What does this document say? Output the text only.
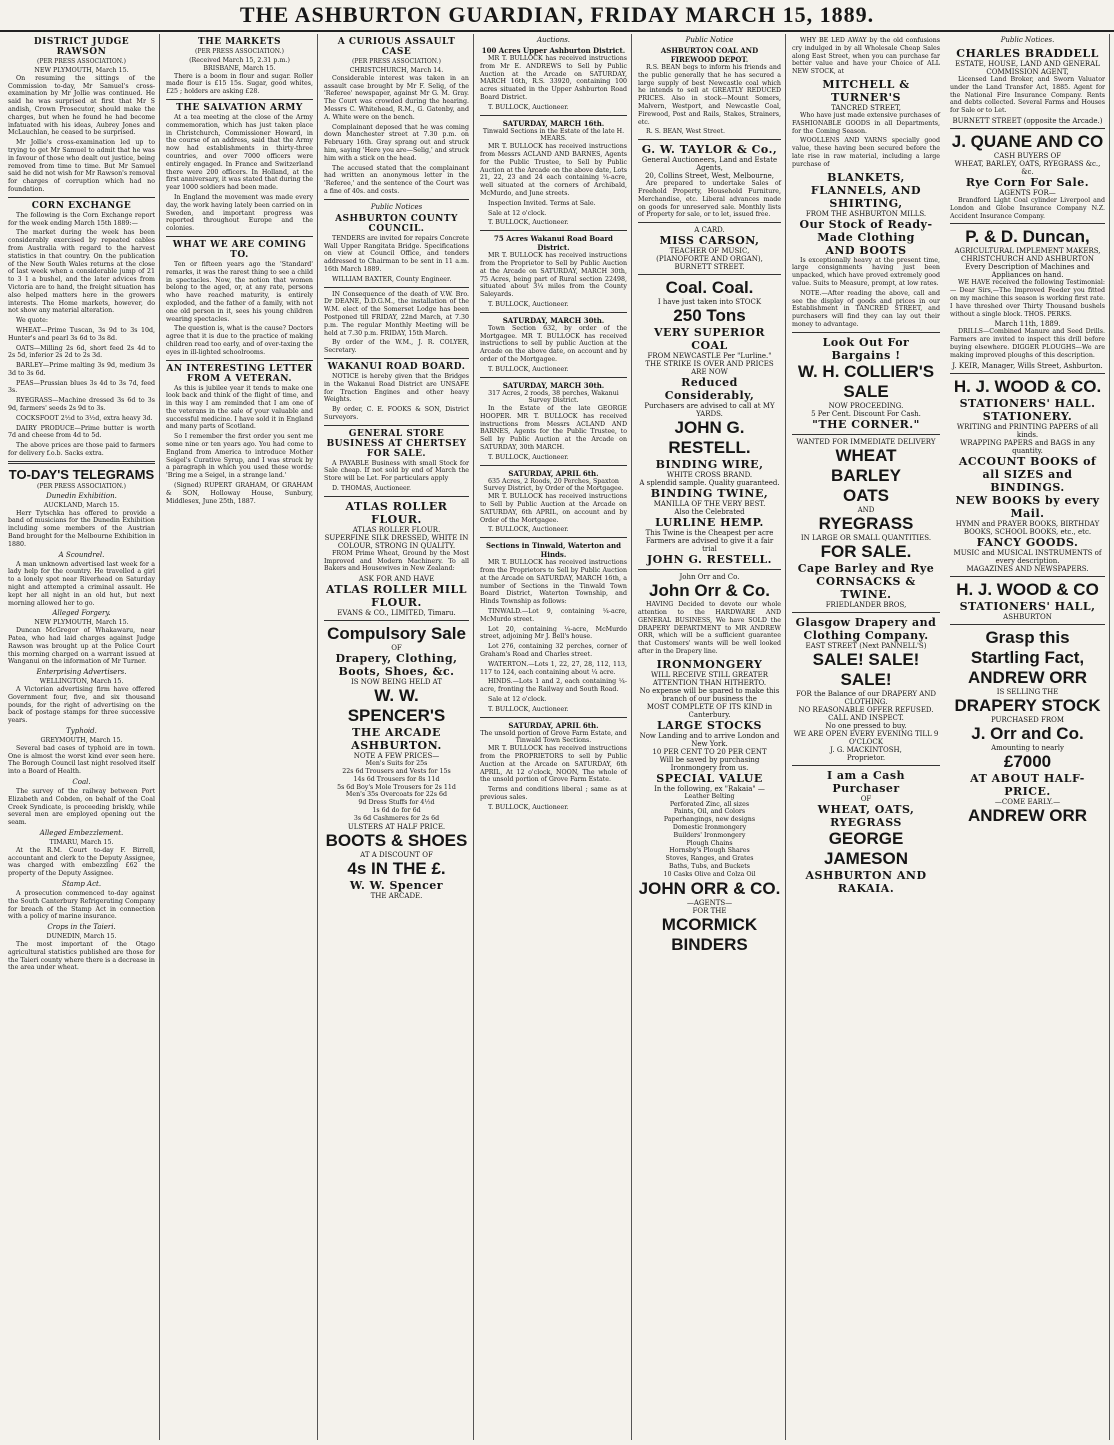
THE ASHBURTON GUARDIAN, FRIDAY MARCH 15, 1889.
DISTRICT JUDGE RAWSON
(PER PRESS ASSOCIATION.)
NEW PLYMOUTH, March 15.

On resuming the sittings of the Commission to-day, Mr Samuel's cross-examination by Mr Jollie was continued. He said he was surprised at first that Mr S andish, Crown Prosecutor, should make the charges, but when he found he had become infatuated with his ideas, Aubrey Jones and McLauchlan, he ceased to be surprised.

Mr Jollie's cross-examination led up to trying to get Mr Samuel to admit that he was in favour of those who dealt out justice, being removed from time to time. But Mr Samuel said he did not wish for Mr Rawson's removal for charges of corruption which had no foundation.

CORN EXCHANGE

The following is the Corn Exchange report for the week ending March 15th 1889:—

The market during the week has been considerably exercised by repeated cables from Australia with regard to the harvest statistics in that country. On the publication of the New South Wales returns at the close of last week when a considerable jump of 21 to 3 1 a bushel, and the later advices from Victoria are to hand, the freight situation has also helped matters here in the growers interests. The Home markets, however, do not show any material alteration.

We quote:

WHEAT—Prime Tuscan, 3s 9d to 3s 10d, Hunter's and pearl 3s 6d to 3s 8d.

OATS—Milling 2s 6d, short feed 2s 4d to 2s 5d, inferior 2s 2d to 2s 3d.

BARLEY—Prime malting 3s 9d, medium 3s 3d to 3s 6d.

PEAS—Prussian blues 3s 4d to 3s 7d, feed 3s.

RYEGRASS—Machine dressed 3s 6d to 3s 9d, farmers' seeds 2s 9d to 3s.

COCKSFOOT 2½d to 3½d, extra heavy 3d.

DAIRY PRODUCE—Prime butter is worth 7d and cheese from 4d to 5d.

The above prices are those paid to farmers for delivery f.o.b. Sacks extra.

TO-DAY'S TELEGRAMS
(PER PRESS ASSOCIATION.)
Dunedin Exhibition.
AUCKLAND, March 15.

Herr Tytschka has offered to provide a band of musicians for the Dunedin Exhibition including some members of the Austrian Band brought for the Melbourne Exhibition in 1880.

A Scoundrel.

A man unknown advertised last week for a lady help for the country. He travelled a girl to a lonely spot near Riverhead on Saturday night and attempted a criminal assault. He kept her all night in an old hut, but next morning allowed her to go.

Alleged Forgery.
NEW PLYMOUTH, March 15.

Duncan McGregor of Whakawaru, near Patea, who had laid charges against Judge Rawson was brought up at the Police Court this morning charged on a warrant issued at Wanganui on the information of Mr Turner.

Enterprising Advertisers.
WELLINGTON, March 15.

A Victorian advertising firm have offered Government four, five, and six thousand pounds, for the right of advertising on the back of postage stamps for three successive years.

Typhoid.
GREYMOUTH, March 15.

Several bad cases of typhoid are in town. One is almost the worst kind ever seen here. The Borough Council last night resolved itself into a Board of Health.

Coal.

The survey of the railway between Port Elizabeth and Cobden, on behalf of the Coal Creek Syndicate, is proceeding briskly, while several men are employed opening out the seam.

Alleged Embezzlement.
TIMARU, March 15.

At the R.M. Court to-day F. Birrell, accountant and clerk to the Deputy Assignee, was charged with embezzling £62 the property of the Deputy Assignee.

Stamp Act.

A prosecution commenced to-day against the South Canterbury Refrigerating Company for breach of the Stamp Act in connection with a policy of marine insurance.

Crops in the Taieri.
DUNEDIN, March 15.

The most important of the Otago agricultural statistics published are those for the Taieri county where there is a decrease in the area under wheat.

THE MARKETS
(PER PRESS ASSOCIATION.)
(Received March 15, 2.31 p.m.)
BRISBANE, March 15.

There is a boom in flour and sugar. Roller made flour is £15 15s. Sugar, good whites, £25 ; holders are asking £28.

THE SALVATION ARMY

At a tea meeting at the close of the Army commemoration, which has just taken place in Christchurch, Commissioner Howard, in the course of an address, said that the Army now had establishments in thirty-three countries, and over 7000 officers were entirely engaged. In France and Switzerland there were 200 officers. In Holland, at the first anniversary, it was stated that during the year 1000 soldiers had been made.

In England the movement was made every day, the work having lately been carried on in Sweden, and important progress was reported throughout Europe and the colonies.

WHAT WE ARE COMING TO.

Ten or fifteen years ago the 'Standard' remarks, it was the rarest thing to see a child in spectacles. Now, the notion that women belong to the aged, or, at any rate, persons who have reached maturity, is entirely exploded, and the father of a family, with not one old person in it, sees his young children wearing spectacles.

The question is, what is the cause? Doctors agree that it is due to the practice of making children read too early, and of over-taxing the eyes in ill-lighted schoolrooms.

AN INTERESTING LETTER FROM A VETERAN.

As this is jubilee year it tends to make one look back and think of the flight of time, and in this way I am reminded that I am one of the veterans in the sale of your valuable and successful medicine. I have sold it in England and many parts of Scotland.

So I remember the first order you sent me some nine or ten years ago. You had come to England from America to introduce Mother Seigel's Curative Syrup, and I was struck by a paragraph in which you used these words: 'Bring me a Seigel, in a strange land.'

(Signed) RUPERT GRAHAM, Of GRAHAM & SON, Holloway House, Sunbury, Middlesex, June 25th, 1887.

A CURIOUS ASSAULT CASE
(PER PRESS ASSOCIATION.)
CHRISTCHURCH, March 14.

Considerable interest was taken in an assault case brought by Mr F. Selig, of the 'Referee' newspaper, against Mr G. M. Gray. The Court was crowded during the hearing. Messrs C. Whitehead, R.M., G. Gatenby, and A. White were on the bench.

Complainant deposed that he was coming down Manchester street at 7.30 p.m. on February 16th. Gray sprang out and struck him, saying 'Here you are—Selig,' and struck him with a stick on the head.

The accused stated that the complainant had written an anonymous letter in the 'Referee,' and the sentence of the Court was a fine of 40s. and costs.

Public Notices
ASHBURTON COUNTY COUNCIL.

TENDERS are invited for repairs Concrete Wall Upper Rangitata Bridge. Specifications on view at Council Office, and tenders addressed to Chairman to be sent in 11 a.m. 16th March 1889.

WILLIAM BAXTER, County Engineer.

IN Consequence of the death of V.W. Bro. Dr DEANE, D.D.G.M., the installation of the W.M. elect of the Somerset Lodge has been Postponed till FRIDAY, 22nd March, at 7.30 p.m. The regular Monthly Meeting will be held at 7.30 p.m. FRIDAY, 15th March.

By order of the W.M., J. R. COLYER, Secretary.

WAKANUI ROAD BOARD.

NOTICE is hereby given that the Bridges in the Wakanui Road District are UNSAFE for Traction Engines and other heavy Weights.

By order, C. E. FOOKS & SON, District Surveyors.

GENERAL STORE BUSINESS AT CHERTSEY FOR SALE.

A PAYABLE Business with small Stock for Sale cheap. If not sold by end of March the Store will be Let. For particulars apply

D. THOMAS, Auctioneer.

ATLAS ROLLER FLOUR.
ATLAS ROLLER FLOUR.
SUPERFINE SILK DRESSED, WHITE IN COLOUR, STRONG IN QUALITY.

FROM Prime Wheat, Ground by the Most Improved and Modern Machinery. To all Bakers and Housewives in New Zealand:

ASK FOR AND HAVE
ATLAS ROLLER MILL FLOUR.
EVANS & CO., LIMITED, Timaru.
Compulsory Sale
OF
Drapery, Clothing,
Boots, Shoes, &c.
IS NOW BEING HELD AT
W. W. SPENCER'S
THE ARCADE
ASHBURTON.
NOTE A FEW PRICES—
Men's Suits for 25s
22s 6d Trousers and Vests for 15s
14s 6d Trousers for 8s 11d
5s 6d Boy's Mole Trousers for 2s 11d
Men's 35s Overcoats for 22s 6d
9d Dress Stuffs for 4½d
1s 6d do for 6d
3s 6d Cashmeres for 2s 6d
ULSTERS AT HALF PRICE.
BOOTS & SHOES
AT A DISCOUNT OF
4s IN THE £.
W. W. Spencer
THE ARCADE.
Auctions.
100 Acres Upper Ashburton District.

MR T. BULLOCK has received instructions from Mr E. ANDREWS to Sell by Public Auction at the Arcade on SATURDAY, MARCH 16th, R.S. 33920, containing 100 acres situated in the Upper Ashburton Road Board District.

T. BULLOCK, Auctioneer.

SATURDAY, MARCH 16th.
Tinwald Sections in the Estate of the late H. MEARS.

MR T. BULLOCK has received instructions from Messrs ACLAND AND BARNES, Agents for the Public Trustee, to Sell by Public Auction at the Arcade on the above date, Lots 21, 22, 23 and 24 each containing ¼-acre, well situated at the corners of Archibald, McMurdo, and June streets.

Inspection Invited. Terms at Sale.

Sale at 12 o'clock.

T. BULLOCK, Auctioneer.

75 Acres Wakanui Road Board District.

MR T. BULLOCK has received instructions from the Proprietor to Sell by Public Auction at the Arcade on SATURDAY, MARCH 30th, 75 Acres, being part of Rural section 22498, situated about 3¼ miles from the County Saleyards.

T. BULLOCK, Auctioneer.

SATURDAY, MARCH 30th.

Town Section 632, by order of the Mortgagee. MR T. BULLOCK has received instructions to sell by public Auction at the Arcade on the above date, on account and by order of the Mortgagee.

T. BULLOCK, Auctioneer.

SATURDAY, MARCH 30th.
317 Acres, 2 roods, 38 perches, Wakanui Survey District.

In the Estate of the late GEORGE HOOPER. MR T. BULLOCK has received instructions from Messrs ACLAND AND BARNES, Agents for the Public Trustee, to Sell by Public Auction at the Arcade on SATURDAY, 30th MARCH.

T. BULLOCK, Auctioneer.

SATURDAY, APRIL 6th.
635 Acres, 2 Roods, 20 Perches, Spaxton Survey District, by Order of the Mortgagee.

MR T. BULLOCK has received instructions to Sell by Public Auction at the Arcade on SATURDAY, 6th APRIL, on account and by Order of the Mortgagee.

T. BULLOCK, Auctioneer.

Sections in Tinwald, Waterton and Hinds.

MR T. BULLOCK has received instructions from the Proprietors to Sell by Public Auction at the Arcade on SATURDAY, MARCH 16th, a number of Sections in the Tinwald Town Board District, Waterton Township, and Hinds Township as follows:

TINWALD.—Lot 9, containing ¼-acre, McMurdo street.

Lot 20, containing ¼-acre, McMurdo street, adjoining Mr J. Bell's house.

Lot 276, containing 32 perches, corner of Graham's Road and Charles street.

WATERTON.—Lots 1, 22, 27, 28, 112, 113, 117 to 124, each containing about ¼ acre.

HINDS.—Lots 1 and 2, each containing ¼-acre, fronting the Railway and South Road.

Sale at 12 o'clock.

T. BULLOCK, Auctioneer.

SATURDAY, APRIL 6th.
The unsold portion of Grove Farm Estate, and Tinwald Town Sections.

MR T. BULLOCK has received instructions from the PROPRIETORS to sell by Public Auction at the Arcade on SATURDAY, 6th APRIL, At 12 o'clock, NOON, The whole of the unsold portion of Grove Farm Estate.

Terms and conditions liberal ; same as at previous sales.

T. BULLOCK, Auctioneer.

Public Notice
ASHBURTON COAL AND FIREWOOD DEPOT.

R.S. BEAN begs to inform his friends and the public generally that he has secured a large supply of best Newcastle coal which he intends to sell at GREATLY REDUCED PRICES. Also in stock—Mount Somers, Malvern, Westport, and Newcastle Coal, Firewood, Post and Rails, Stakes, Strainers, etc.

R. S. BEAN, West Street.

G. W. TAYLOR & Co.,
General Auctioneers, Land and Estate Agents,
20, Collins Street, West, Melbourne,

Are prepared to undertake Sales of Freehold Property, Household Furniture, Merchandise, etc. Liberal advances made on goods for unreserved sale. Monthly lists of Property for sale, or to let, issued free.

A CARD.
MISS CARSON,
TEACHER OF MUSIC,
(PIANOFORTE AND ORGAN),
BURNETT STREET.
Coal. Coal.
I have just taken into STOCK
250 Tons
VERY SUPERIOR COAL
FROM NEWCASTLE Per "Lurline."
THE STRIKE IS OVER AND PRICES ARE NOW
Reduced Considerably,
Purchasers are advised to call at MY YARDS.
JOHN G. RESTELL.
BINDING WIRE,
WHITE CROSS BRAND.
A splendid sample. Quality guaranteed.
BINDING TWINE,
MANILLA OF THE VERY BEST.
Also the Celebrated
LURLINE HEMP.
This Twine is the Cheapest per acre Farmers are advised to give it a fair trial
JOHN G. RESTELL.
John Orr and Co.
John Orr & Co.

HAVING Decided to devote our whole attention to the HARDWARE AND GENERAL BUSINESS, We have SOLD the DRAPERY DEPARTMENT to MR ANDREW ORR, which will be a sufficient guarantee that Customers' wants will be well looked after in the Drapery line.

IRONMONGERY
WILL RECEIVE STILL GREATER ATTENTION THAN HITHERTO.
No expense will be spared to make this branch of our business the
MOST COMPLETE OF ITS KIND in Canterbury.
LARGE STOCKS
Now Landing and to arrive London and New York.
10 PER CENT TO 20 PER CENT
Will be saved by purchasing Ironmongery from us.
SPECIAL VALUE
In the following, ex "Rakaia" —
Leather Belting
Perforated Zinc, all sizes
Paints, Oil, and Colors
Paperhangings, new designs
Domestic Ironmongery
Builders' Ironmongery
Plough Chains
Hornsby's Plough Shares
Stoves, Ranges, and Grates
Baths, Tubs, and Buckets
10 Casks Olive and Colza Oil
JOHN ORR & CO.
—AGENTS—
FOR THE
MCORMICK BINDERS
Public Notices.
CHARLES BRADDELL
ESTATE, HOUSE, LAND AND GENERAL COMMISSION AGENT,

Licensed Land Broker, and Sworn Valuator under the Land Transfer Act, 1885. Agent for the National Fire Insurance Company. Rents and debts collected. Several Farms and Houses for Sale or to Let.

BURNETT STREET (opposite the Arcade.)
J. QUANE AND CO
CASH BUYERS OF
WHEAT, BARLEY, OATS, RYEGRASS &c., &c.
Rye Corn For Sale.
AGENTS FOR—

Brandford Light Coal cylinder Liverpool and London and Globe Insurance Company N.Z. Accident Insurance Company.

P. & D. Duncan,
AGRICULTURAL IMPLEMENT MAKERS,
CHRISTCHURCH AND ASHBURTON
Every Description of Machines and Appliances on hand.

WE HAVE received the following Testimonial:— Dear Sirs,—The Improved Feeder you fitted on my machine this season is working first rate. I have threshed over Thirty Thousand bushels without a single block. THOS. PERKS.

March 11th, 1889.

DRILLS—Combined Manure and Seed Drills. Farmers are invited to inspect this drill before buying elsewhere. DIGGER PLOUGHS—We are making improved ploughs of this description.

J. KEIR, Manager, Wills Street, Ashburton.
H. J. WOOD & CO.
STATIONERS' HALL.
STATIONERY.
WRITING and PRINTING PAPERS of all kinds.
WRAPPING PAPERS and BAGS in any quantity.
ACCOUNT BOOKS of all SIZES and BINDINGS.
NEW BOOKS by every Mail.
HYMN and PRAYER BOOKS, BIRTHDAY BOOKS, SCHOOL BOOKS, etc., etc.
FANCY GOODS.
MUSIC and MUSICAL INSTRUMENTS of every description.
MAGAZINES AND NEWSPAPERS.
H. J. WOOD & CO
STATIONERS' HALL,
ASHBURTON
Grasp this Startling Fact,
ANDREW ORR
IS SELLING THE
DRAPERY STOCK
PURCHASED FROM
J. Orr and Co.
Amounting to nearly
£7000
AT ABOUT HALF-PRICE.
—COME EARLY.—
ANDREW ORR

WHY BE LED AWAY by the old confusions cry indulged in by all Wholesale Cheap Sales along East Street, when you can purchase far better value and have your Choice of ALL NEW STOCK, at

MITCHELL & TURNER'S
TANCRED STREET,

Who have just made extensive purchases of FASHIONABLE GOODS in all Departments, for the Coming Season.

WOOLLENS AND YARNS specially good value, these having been secured before the late rise in raw material, including a large purchase of

BLANKETS, FLANNELS, AND SHIRTING,
FROM THE ASHBURTON MILLS.
Our Stock of Ready-Made Clothing
AND BOOTS

Is exceptionally heavy at the present time, large consignments having just been unpacked, which have proved extremely good value. Suits to Measure, prompt, at low rates.

NOTE.—After reading the above, call and see the display of goods and prices in our Establishment in TANCRED STREET, and purchasers will find they can lay out their money to advantage.

Look Out For Bargains !
W. H. COLLIER'S SALE
NOW PROCEEDING.
5 Per Cent. Discount For Cash.
"THE CORNER."
WANTED FOR IMMEDIATE DELIVERY
WHEAT
BARLEY
OATS
AND
RYEGRASS
IN LARGE OR SMALL QUANTITIES.
FOR SALE.
Cape Barley and Rye
CORNSACKS & TWINE.
FRIEDLANDER BROS,
Glasgow Drapery and Clothing Company.
EAST STREET (Next PANNELL'S)
SALE! SALE! SALE!
FOR the Balance of our DRAPERY AND CLOTHING.
NO REASONABLE OFFER REFUSED.
CALL AND INSPECT.
No one pressed to buy.
WE ARE OPEN EVERY EVENING TILL 9 O'CLOCK
J. G. MACKINTOSH,
Proprietor.
I am a Cash Purchaser
OF
WHEAT, OATS, RYEGRASS
GEORGE JAMESON
ASHBURTON AND RAKAIA.
